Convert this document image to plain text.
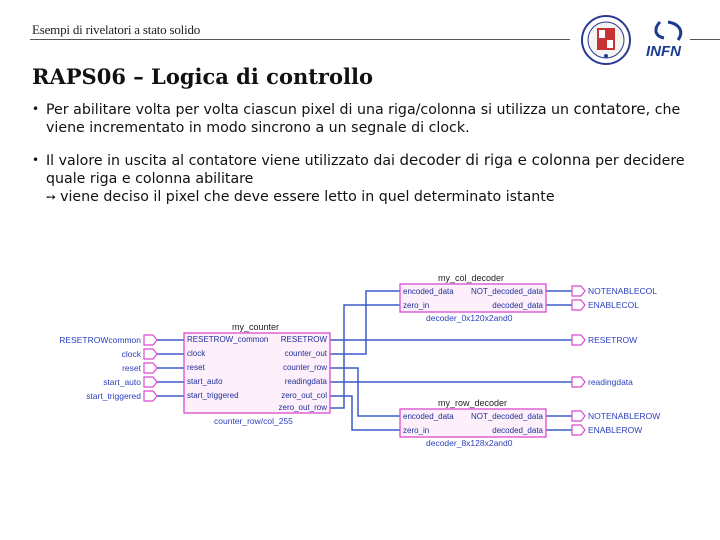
Esempi di rivelatori a stato solido
INFN
RAPS06 – Logica di controllo
• Per abilitare volta per volta ciascun pixel di una riga/colonna si utilizza un contatore, che viene incrementato in modo sincrono a un segnale di clock.
• Il valore in uscita al contatore viene utilizzato dai decoder di riga e colonna per decidere quale riga e colonna abilitare
➙ viene deciso il pixel che deve essere letto in quel determinato istante
RESETROWcommon
clock
reset
start_auto
start_triggered
my_counter
RESETROW_common
clock
reset
start_auto
start_triggered
RESETROW
counter_out
counter_row
readingdata
zero_out_col
zero_out_row
counter_row/col_255
my_col_decoder
encoded_data
zero_in
NOT_decoded_data
decoded_data
decoder_0x120x2and0
my_row_decoder
encoded_data
zero_in
NOT_decoded_data
decoded_data
decoder_8x128x2and0
NOTENABLECOL
ENABLECOL
RESETROW
readingdata
NOTENABLEROW
ENABLEROW
